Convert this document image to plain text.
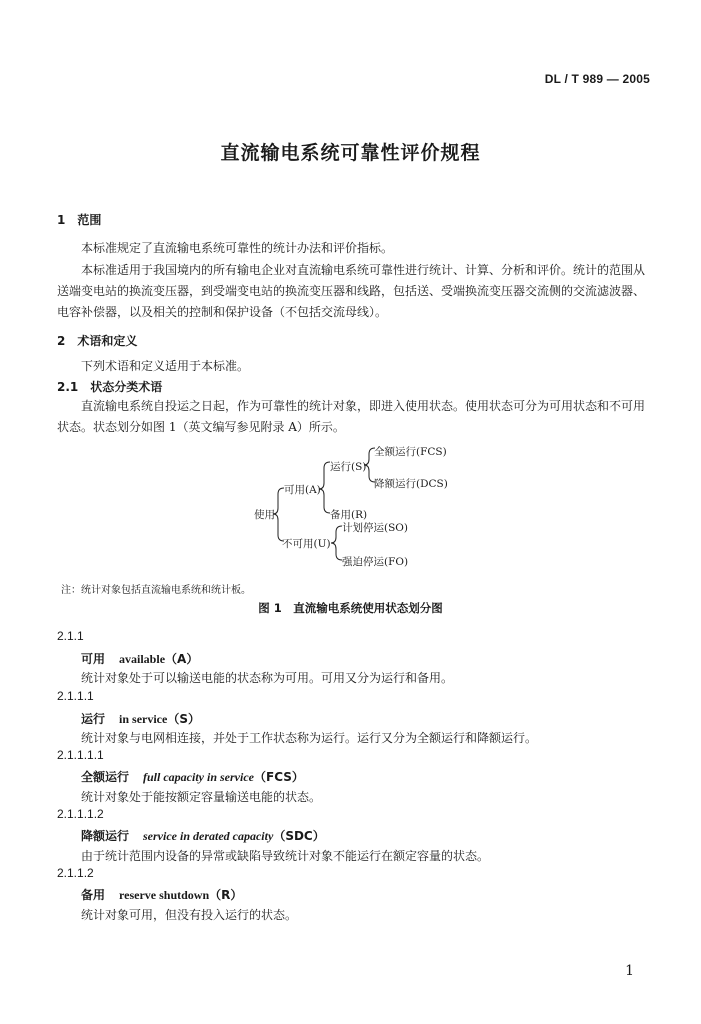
DL / T 989 — 2005
直流输电系统可靠性评价规程
1　范围
本标准规定了直流输电系统可靠性的统计办法和评价指标。
本标准适用于我国境内的所有输电企业对直流输电系统可靠性进行统计、计算、分析和评价。统计的范围从送端变电站的换流变压器，到受端变电站的换流变压器和线路，包括送、受端换流变压器交流侧的交流滤波器、电容补偿器，以及相关的控制和保护设备（不包括交流母线）。
2　术语和定义
下列术语和定义适用于本标准。
2.1　状态分类术语
直流输电系统自投运之日起，作为可靠性的统计对象，即进入使用状态。使用状态可分为可用状态和不可用状态。状态划分如图 1（英文编写参见附录 A）所示。
使用
可用(A)
不可用(U)
运行(S)
备用(R)
全额运行(FCS)
降额运行(DCS)
计划停运(SO)
强迫停运(FO)
注：统计对象包括直流输电系统和统计板。
图 1　直流输电系统使用状态划分图
2.1.1
可用 available（A）
统计对象处于可以输送电能的状态称为可用。可用又分为运行和备用。
2.1.1.1
运行 in service（S）
统计对象与电网相连接，并处于工作状态称为运行。运行又分为全额运行和降额运行。
2.1.1.1.1
全额运行 full capacity in service（FCS）
统计对象处于能按额定容量输送电能的状态。
2.1.1.1.2
降额运行 service in derated capacity（SDC）
由于统计范围内设备的异常或缺陷导致统计对象不能运行在额定容量的状态。
2.1.1.2
备用 reserve shutdown（R）
统计对象可用，但没有投入运行的状态。
1
